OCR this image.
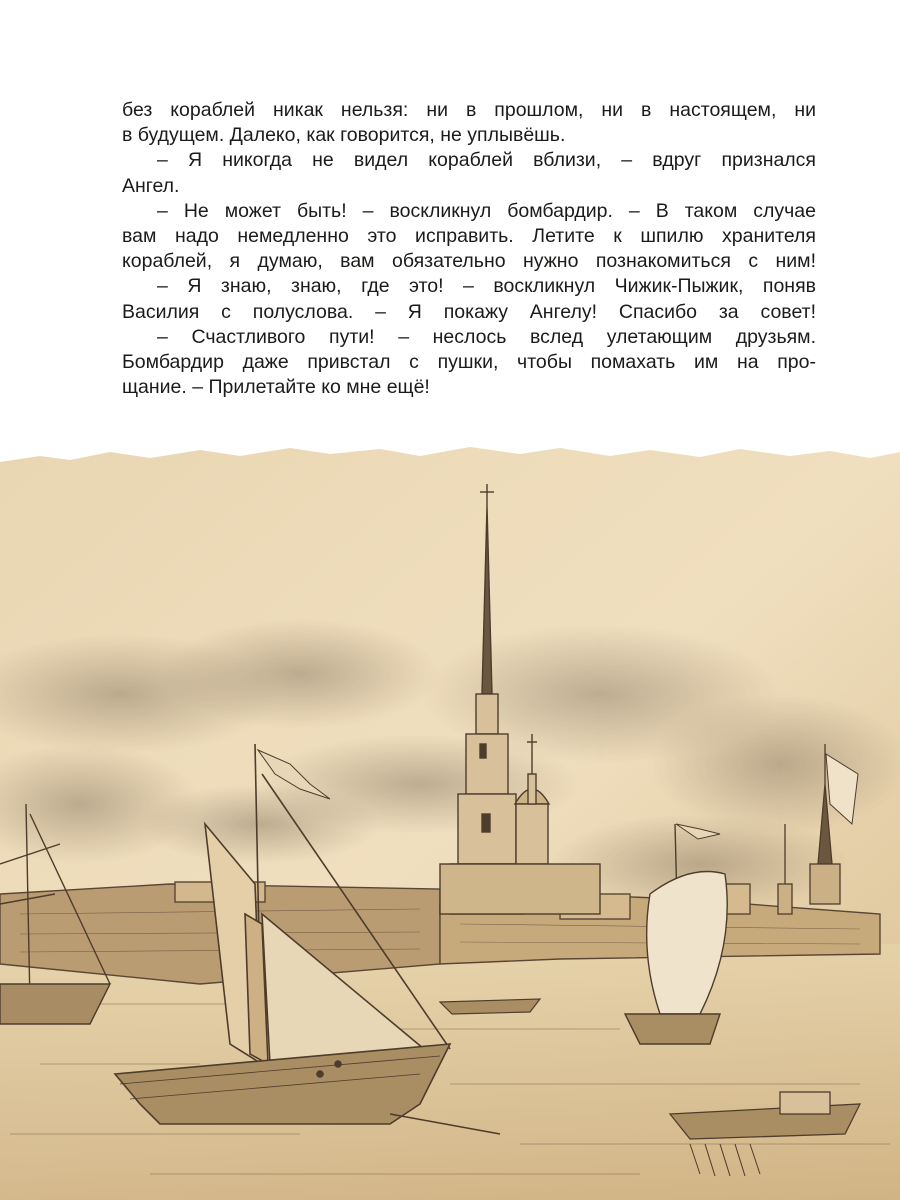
без кораблей никак нельзя: ни в прошлом, ни в настоящем, ни

в будущем. Далеко, как говорится, не уплывёшь.

– Я никогда не видел кораблей вблизи, – вдруг признался

Ангел.

– Не может быть! – воскликнул бомбардир. – В таком случае

вам надо немедленно это исправить. Летите к шпилю хранителя

кораблей, я думаю, вам обязательно нужно познакомиться с ним!

– Я знаю, знаю, где это! – воскликнул Чижик-Пыжик, поняв

Василия с полуслова. – Я покажу Ангелу! Спасибо за совет!

– Счастливого пути! – неслось вслед улетающим друзьям.

Бомбардир даже привстал с пушки, чтобы помахать им на про-

щание. – Прилетайте ко мне ещё!
